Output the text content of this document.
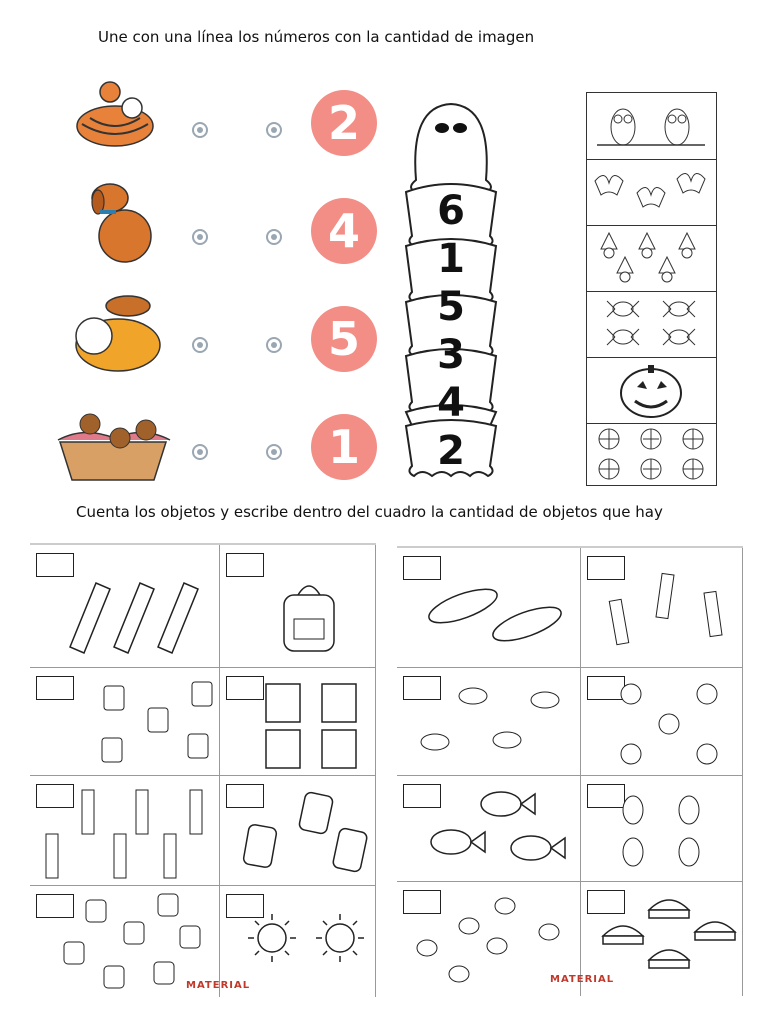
Une con una línea los números con la cantidad de imagen
2
4
5
1
6
1
5
3
4
2
Cuenta los objetos y escribe dentro del cuadro la cantidad de objetos que hay
MATERIAL
MATERIAL
